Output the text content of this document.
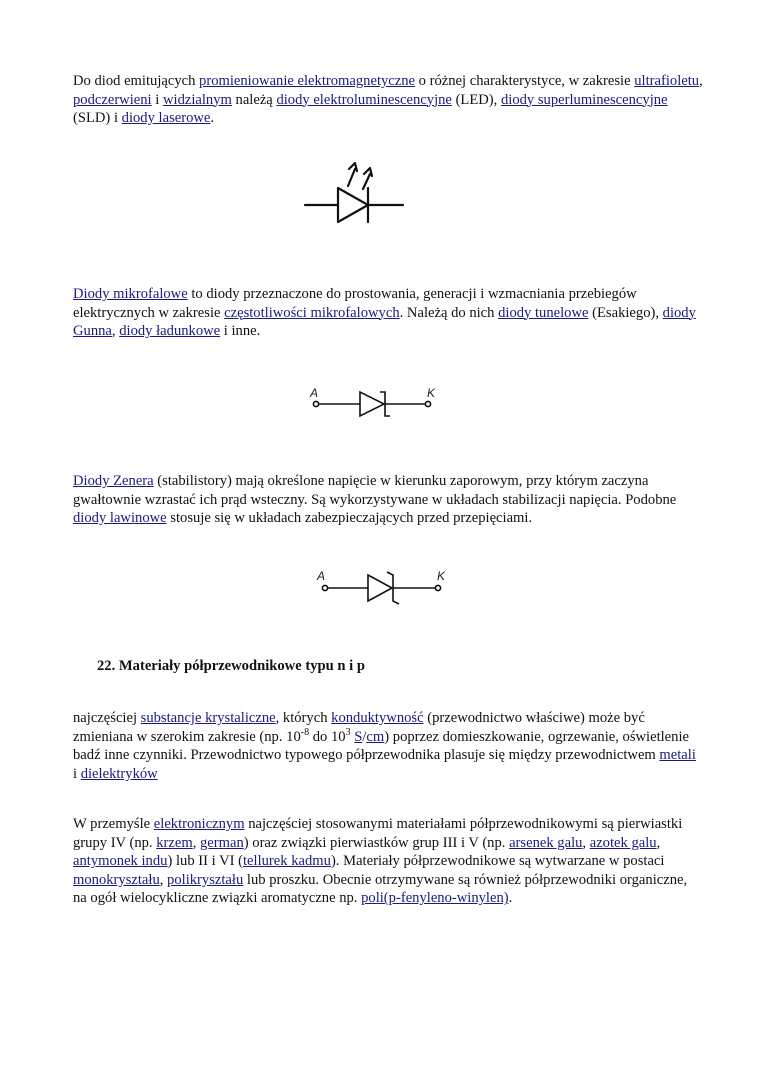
Do diod emitujących promieniowanie elektromagnetyczne o różnej charakterystyce, w zakresie ultrafioletu, podczerwieni i widzialnym należą diody elektroluminescencyjne (LED), diody superluminescencyjne (SLD) i diody laserowe.

Diody mikrofalowe to diody przeznaczone do prostowania, generacji i wzmacniania przebiegów elektrycznych w zakresie częstotliwości mikrofalowych. Należą do nich diody tunelowe (Esakiego), diody Gunna, diody ładunkowe i inne.

A	K

Diody Zenera (stabilistory) mają określone napięcie w kierunku zaporowym, przy którym zaczyna gwałtownie wzrastać ich prąd wsteczny. Są wykorzystywane w układach stabilizacji napięcia. Podobne diody lawinowe stosuje się w układach zabezpieczających przed przepięciami.

A	K

22. Materiały półprzewodnikowe typu n i p

najczęściej substancje krystaliczne, których konduktywność (przewodnictwo właściwe) może być zmieniana w szerokim zakresie (np. $10^{-8}$ do $10^3$ S/cm) poprzez domieszkowanie, ogrzewanie, oświetlenie badź inne czynniki. Przewodnictwo typowego półprzewodnika plasuje się między przewodnictwem metali i dielektryków

W przemyśle elektronicznym najczęściej stosowanymi materiałami półprzewodnikowymi są pierwiastki grupy IV (np. krzem, german) oraz związki pierwiastków grup III i V (np. arsenek galu, azotek galu, antymonek indu) lub II i VI (tellurek kadmu). Materiały półprzewodnikowe są wytwarzane w postaci monokryształu, polikryształu lub proszku. Obecnie otrzymywane są również półprzewodniki organiczne, na ogół wielocykliczne związki aromatyczne np. poli(p-fenyleno-winylen).
